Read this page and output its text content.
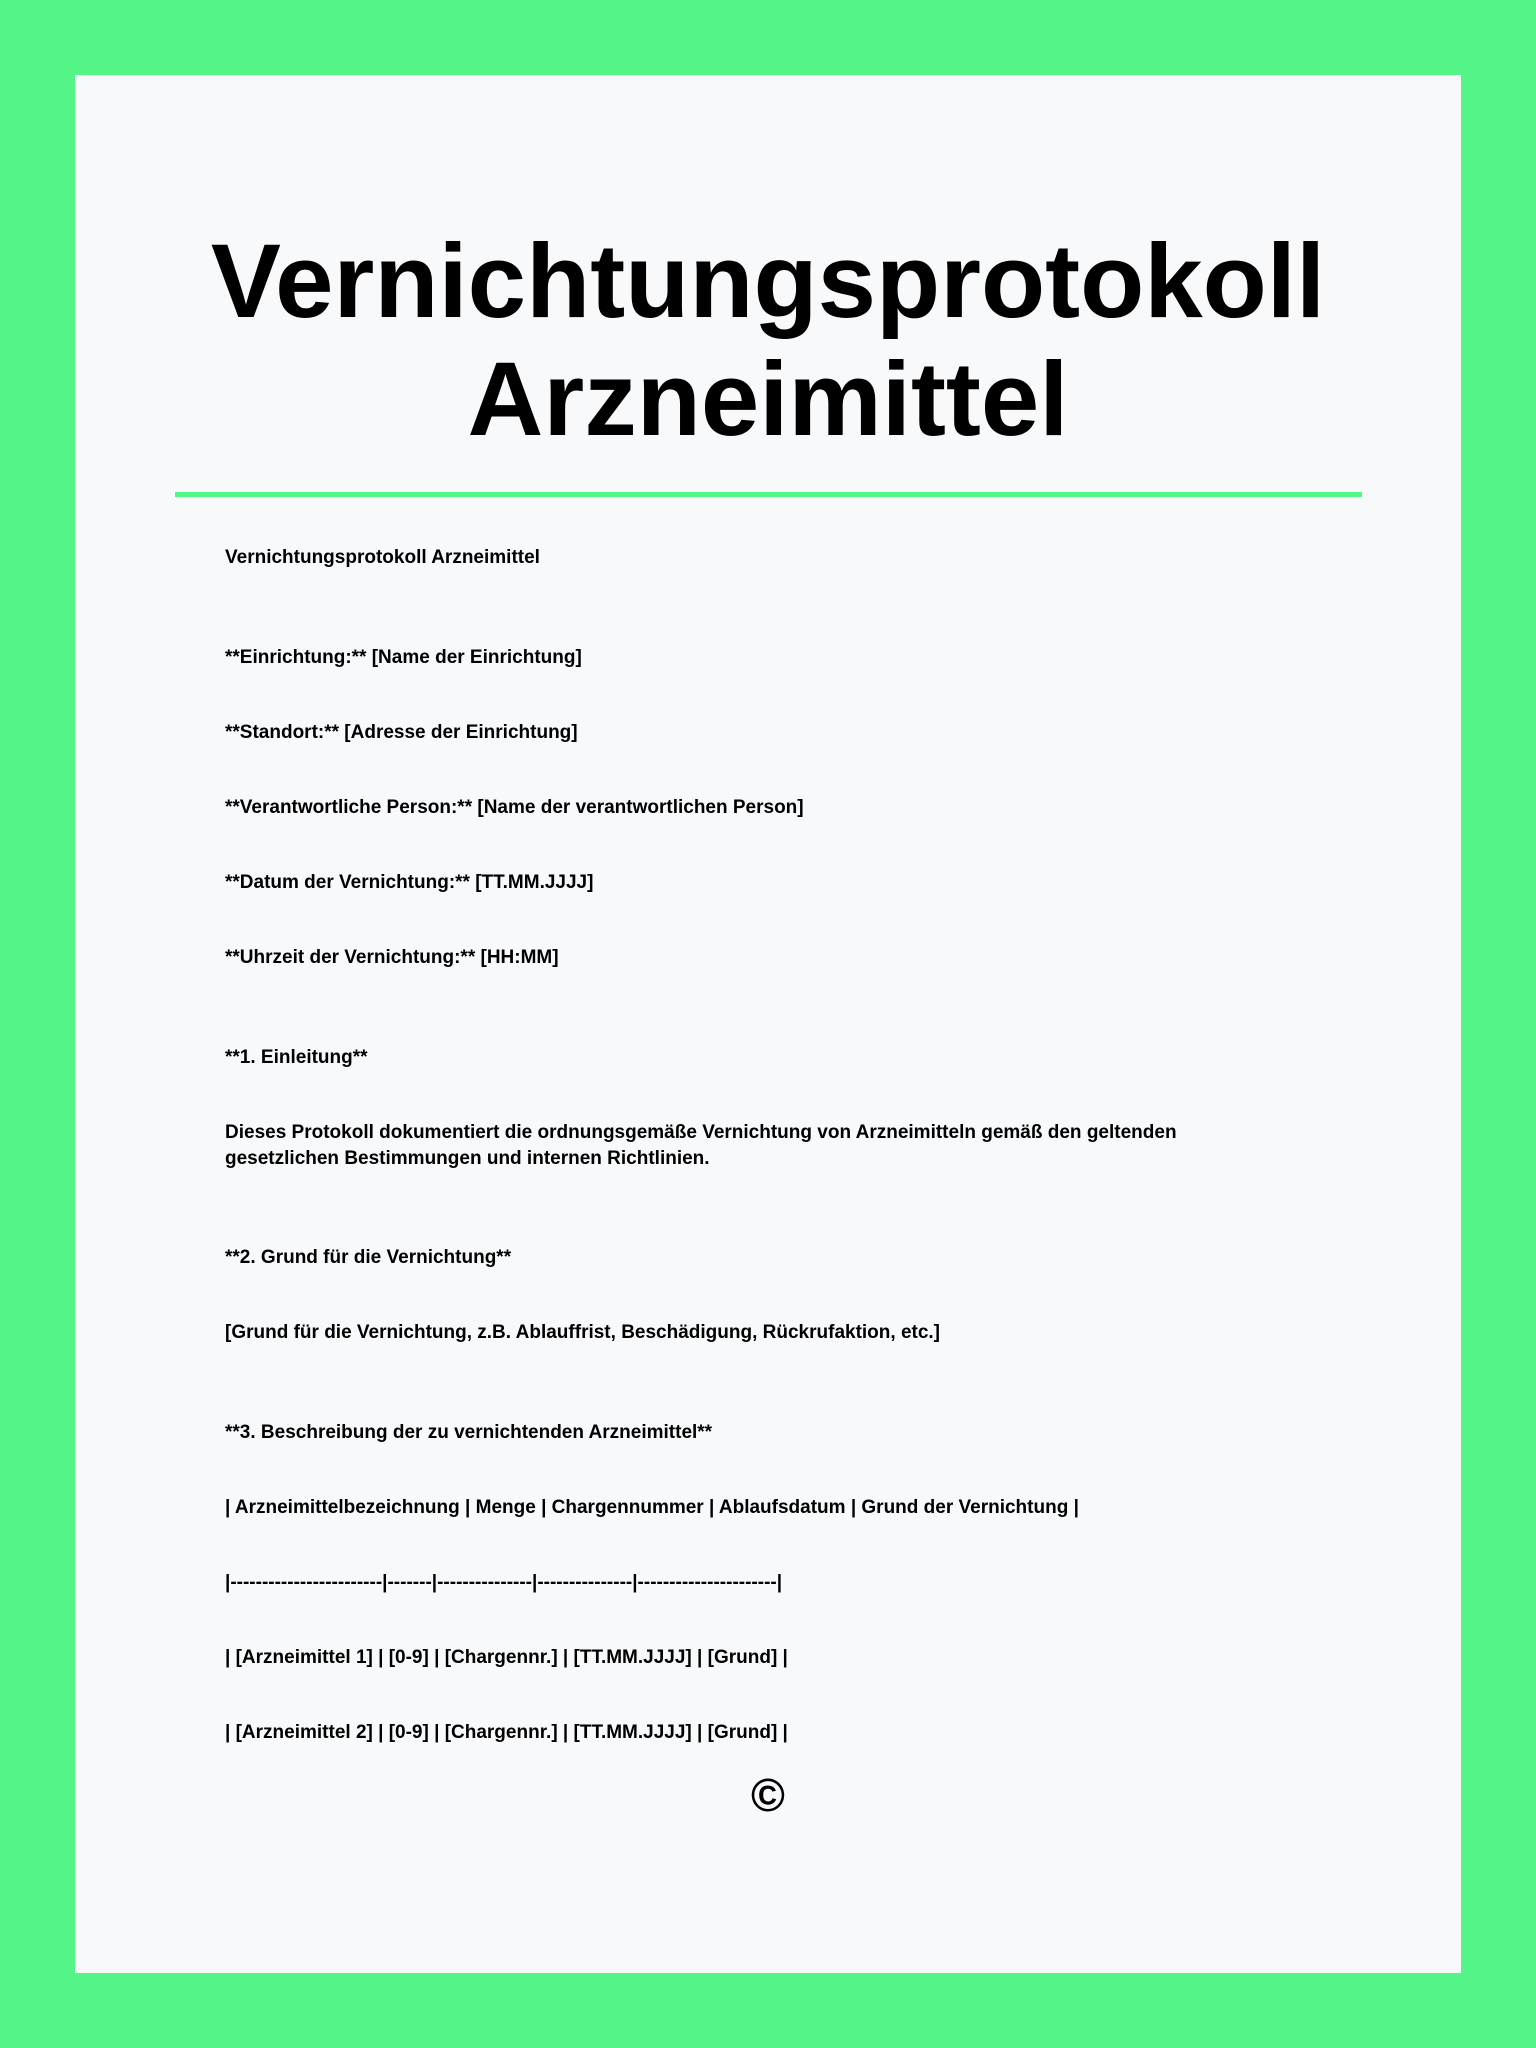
Vernichtungsprotokoll
Arzneimittel

Vernichtungsprotokoll Arzneimittel

**Einrichtung:** [Name der Einrichtung]

**Standort:** [Adresse der Einrichtung]

**Verantwortliche Person:** [Name der verantwortlichen Person]

**Datum der Vernichtung:** [TT.MM.JJJJ]

**Uhrzeit der Vernichtung:** [HH:MM]

**1. Einleitung**

Dieses Protokoll dokumentiert die ordnungsgemäße Vernichtung von Arzneimitteln gemäß den geltenden gesetzlichen Bestimmungen und internen Richtlinien.

**2. Grund für die Vernichtung**

[Grund für die Vernichtung, z.B. Ablauffrist, Beschädigung, Rückrufaktion, etc.]

**3. Beschreibung der zu vernichtenden Arzneimittel**

| Arzneimittelbezeichnung | Menge | Chargennummer | Ablaufsdatum | Grund der Vernichtung |

|------------------------|-------|---------------|---------------|----------------------|

| [Arzneimittel 1] | [0-9] | [Chargennr.] | [TT.MM.JJJJ] | [Grund] |

| [Arzneimittel 2] | [0-9] | [Chargennr.] | [TT.MM.JJJJ] | [Grund] |

©
